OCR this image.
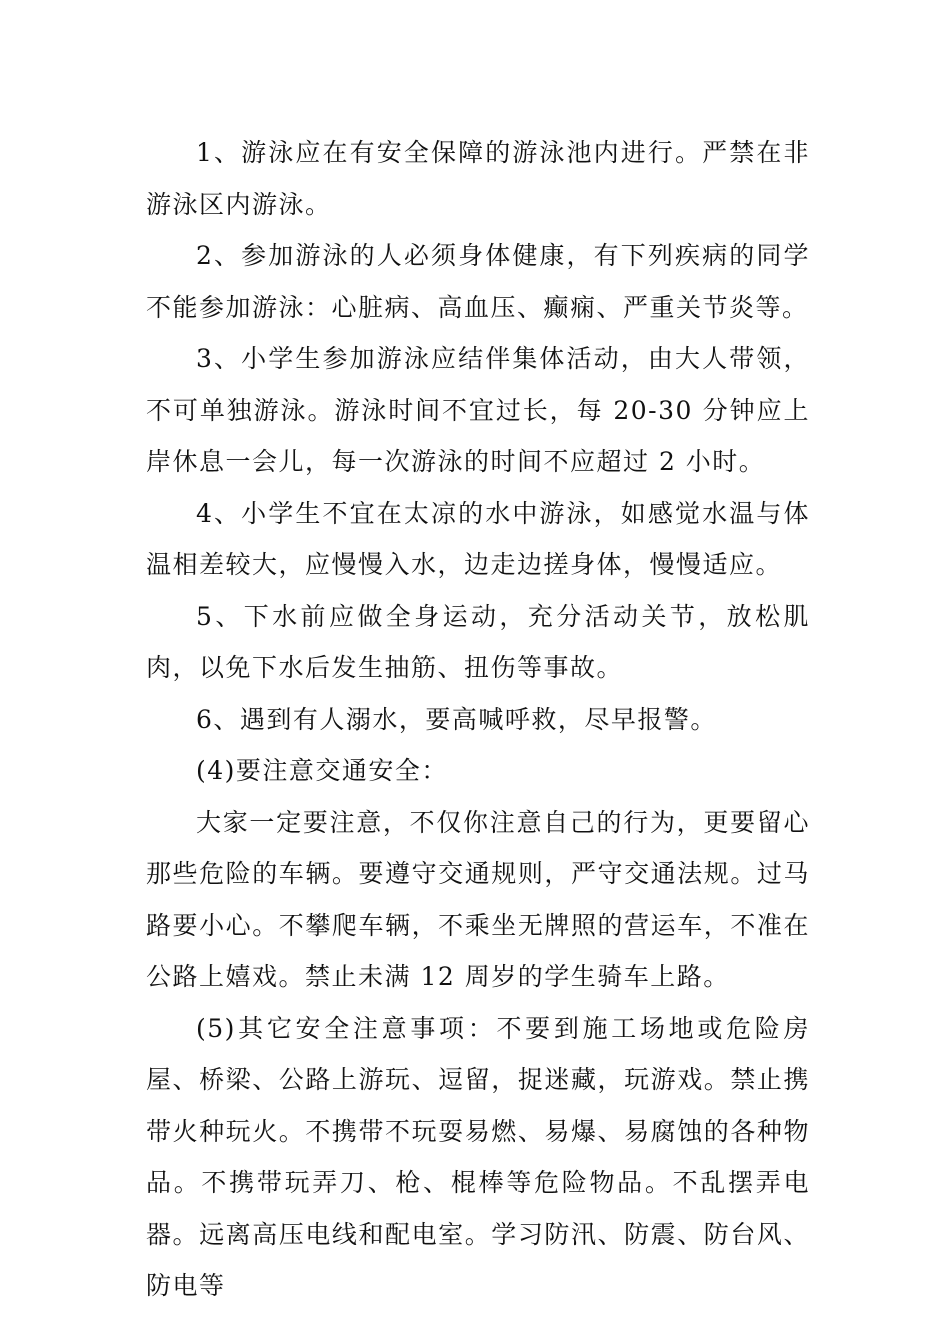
1、游泳应在有安全保障的游泳池内进行。严禁在非游泳区内游泳。

2、参加游泳的人必须身体健康，有下列疾病的同学不能参加游泳：心脏病、高血压、癫痫、严重关节炎等。

3、小学生参加游泳应结伴集体活动，由大人带领，不可单独游泳。游泳时间不宜过长，每 20-30 分钟应上岸休息一会儿，每一次游泳的时间不应超过 2 小时。

4、小学生不宜在太凉的水中游泳，如感觉水温与体温相差较大，应慢慢入水，边走边搓身体，慢慢适应。

5、下水前应做全身运动，充分活动关节，放松肌肉，以免下水后发生抽筋、扭伤等事故。

6、遇到有人溺水，要高喊呼救，尽早报警。

(4)要注意交通安全：

大家一定要注意，不仅你注意自己的行为，更要留心那些危险的车辆。要遵守交通规则，严守交通法规。过马路要小心。不攀爬车辆，不乘坐无牌照的营运车，不准在公路上嬉戏。禁止未满 12 周岁的学生骑车上路。

(5)其它安全注意事项：不要到施工场地或危险房屋、桥梁、公路上游玩、逗留，捉迷藏，玩游戏。禁止携带火种玩火。不携带不玩耍易燃、易爆、易腐蚀的各种物品。不携带玩弄刀、枪、棍棒等危险物品。不乱摆弄电器。远离高压电线和配电室。学习防汛、防震、防台风、防电等
